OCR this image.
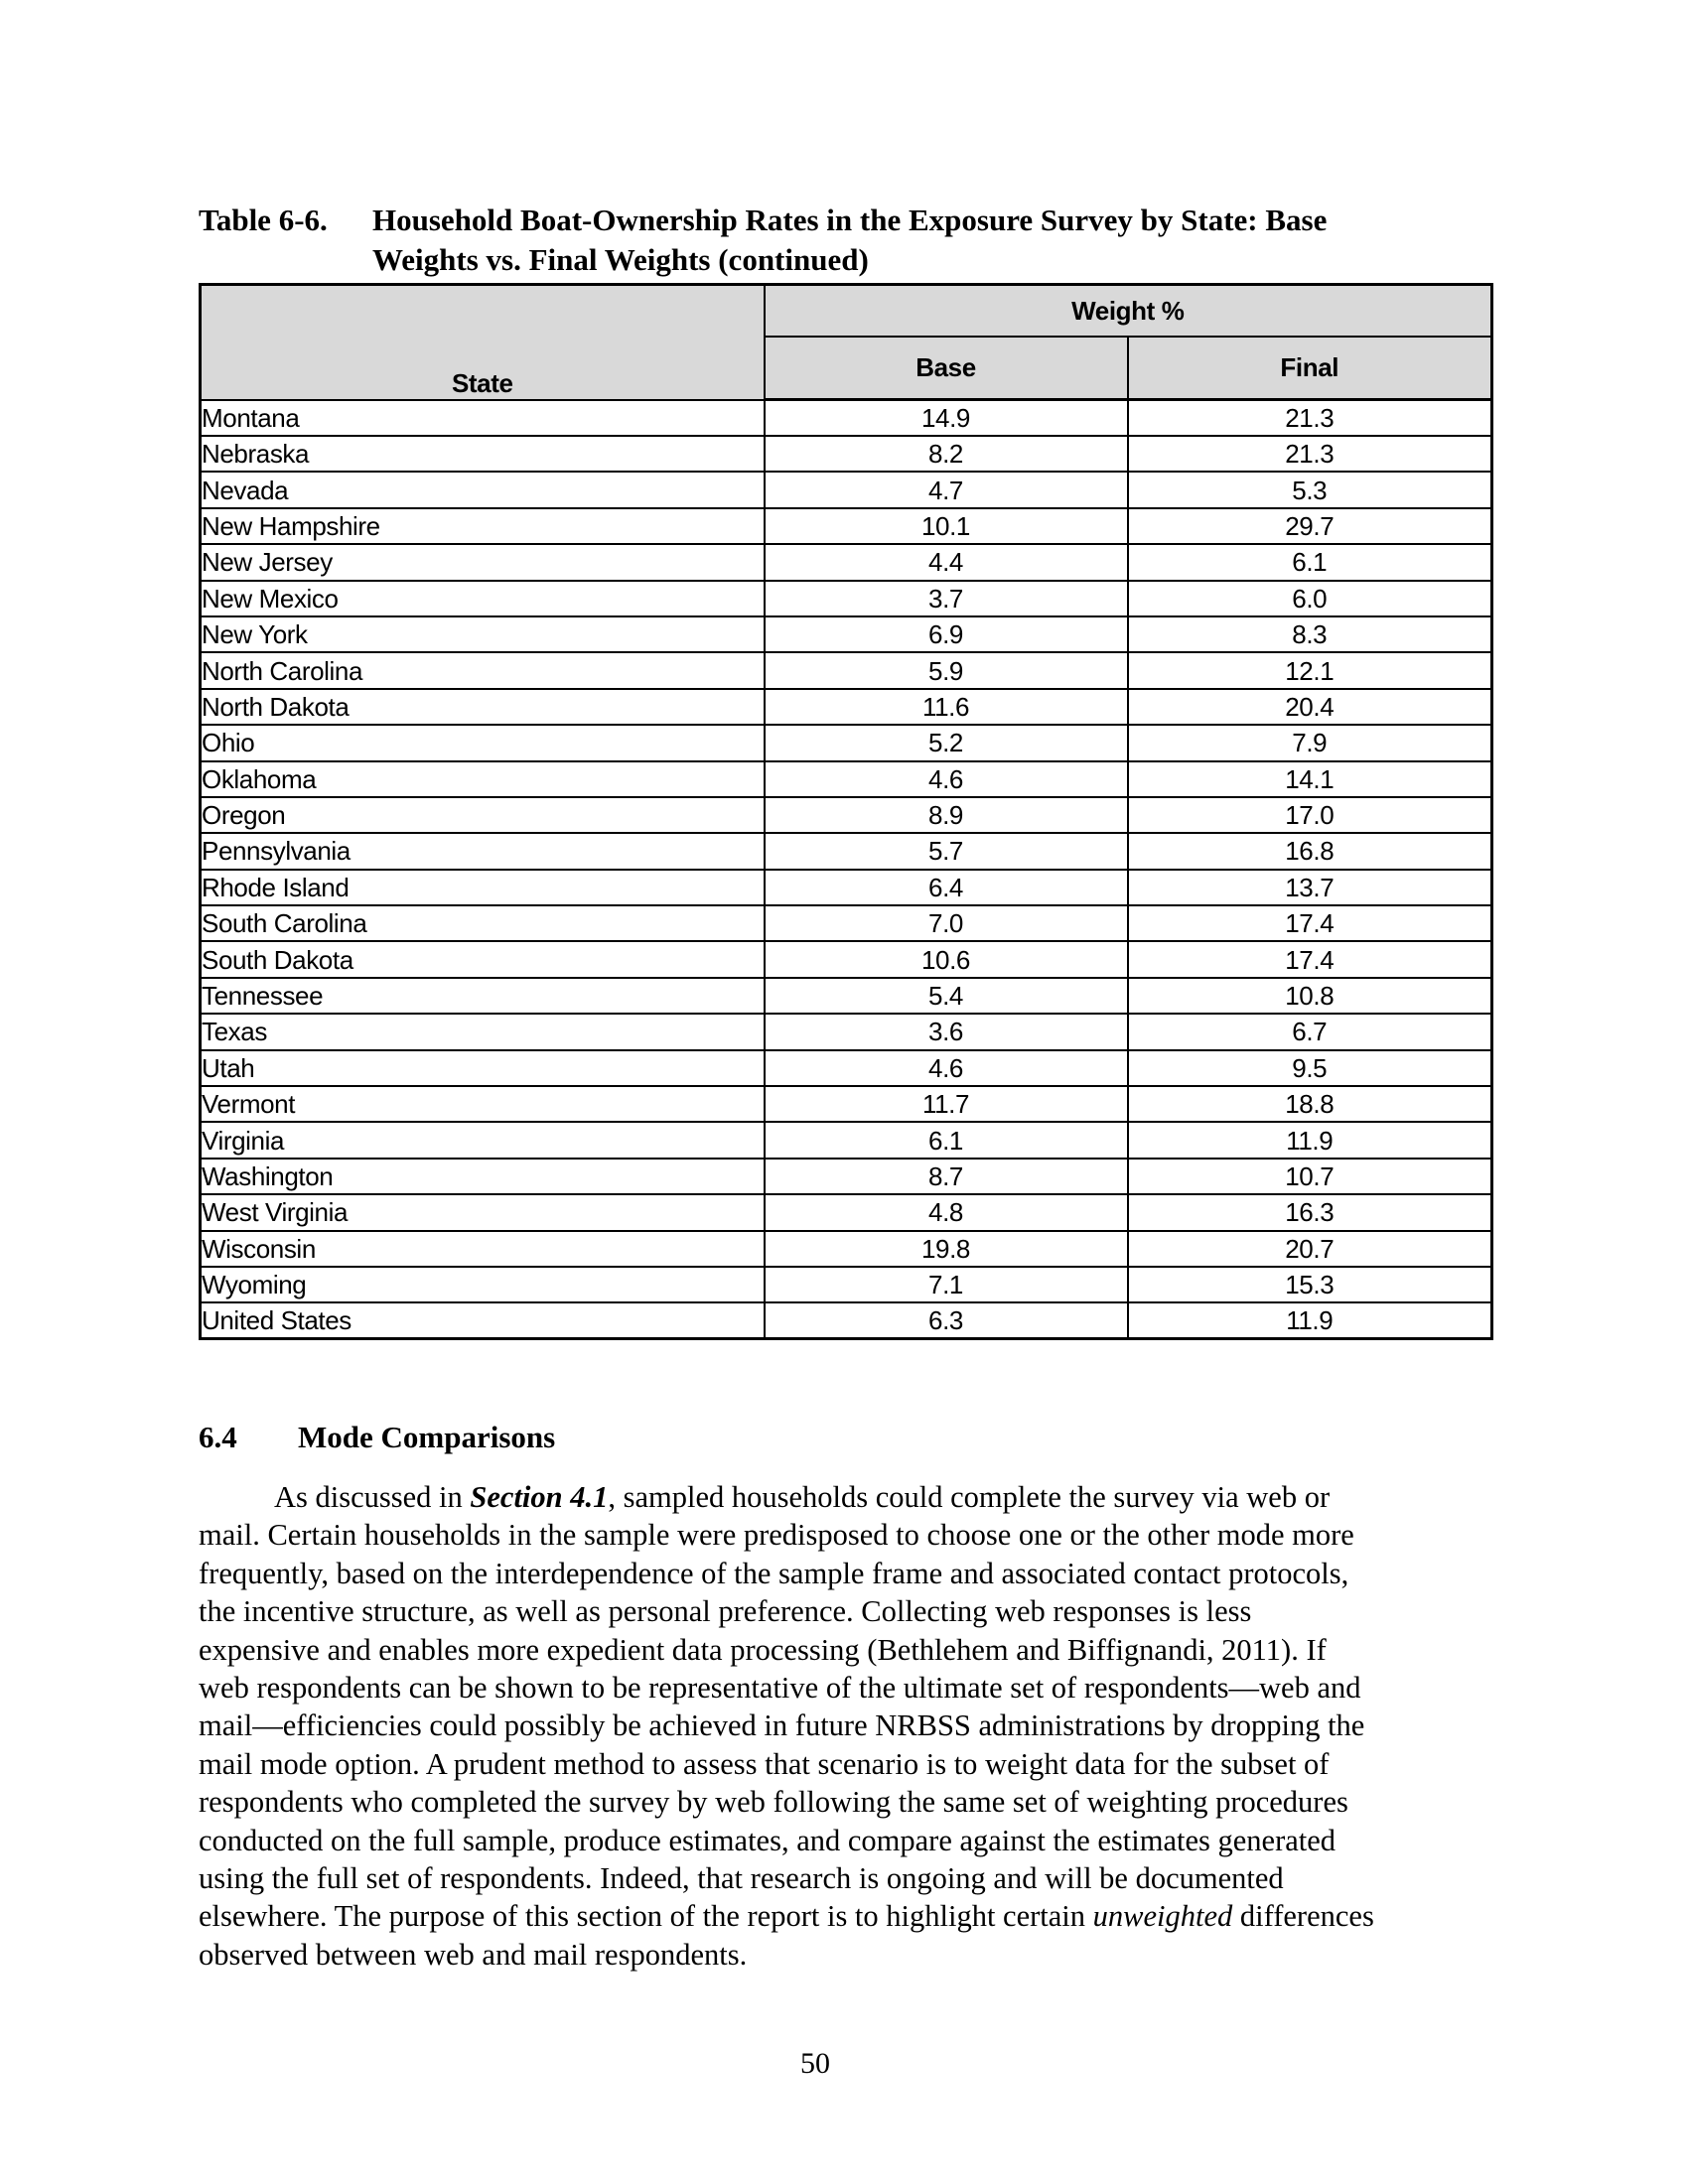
Table 6-6.	Household Boat-Ownership Rates in the Exposure Survey by State: Base
Weights vs. Final Weights (continued)
State	Weight %	
	Base	Final
Montana	14.9	21.3
Nebraska	8.2	21.3
Nevada	4.7	5.3
New Hampshire	10.1	29.7
New Jersey	4.4	6.1
New Mexico	3.7	6.0
New York	6.9	8.3
North Carolina	5.9	12.1
North Dakota	11.6	20.4
Ohio	5.2	7.9
Oklahoma	4.6	14.1
Oregon	8.9	17.0
Pennsylvania	5.7	16.8
Rhode Island	6.4	13.7
South Carolina	7.0	17.4
South Dakota	10.6	17.4
Tennessee	5.4	10.8
Texas	3.6	6.7
Utah	4.6	9.5
Vermont	11.7	18.8
Virginia	6.1	11.9
Washington	8.7	10.7
West Virginia	4.8	16.3
Wisconsin	19.8	20.7
Wyoming	7.1	15.3
United States	6.3	11.9
6.4	Mode Comparisons
As discussed in Section 4.1, sampled households could complete the survey via web or
mail. Certain households in the sample were predisposed to choose one or the other mode more
frequently, based on the interdependence of the sample frame and associated contact protocols,
the incentive structure, as well as personal preference. Collecting web responses is less
expensive and enables more expedient data processing (Bethlehem and Biffignandi, 2011). If
web respondents can be shown to be representative of the ultimate set of respondents—web and
mail—efficiencies could possibly be achieved in future NRBSS administrations by dropping the
mail mode option. A prudent method to assess that scenario is to weight data for the subset of
respondents who completed the survey by web following the same set of weighting procedures
conducted on the full sample, produce estimates, and compare against the estimates generated
using the full set of respondents. Indeed, that research is ongoing and will be documented
elsewhere. The purpose of this section of the report is to highlight certain unweighted differences
observed between web and mail respondents.
50
